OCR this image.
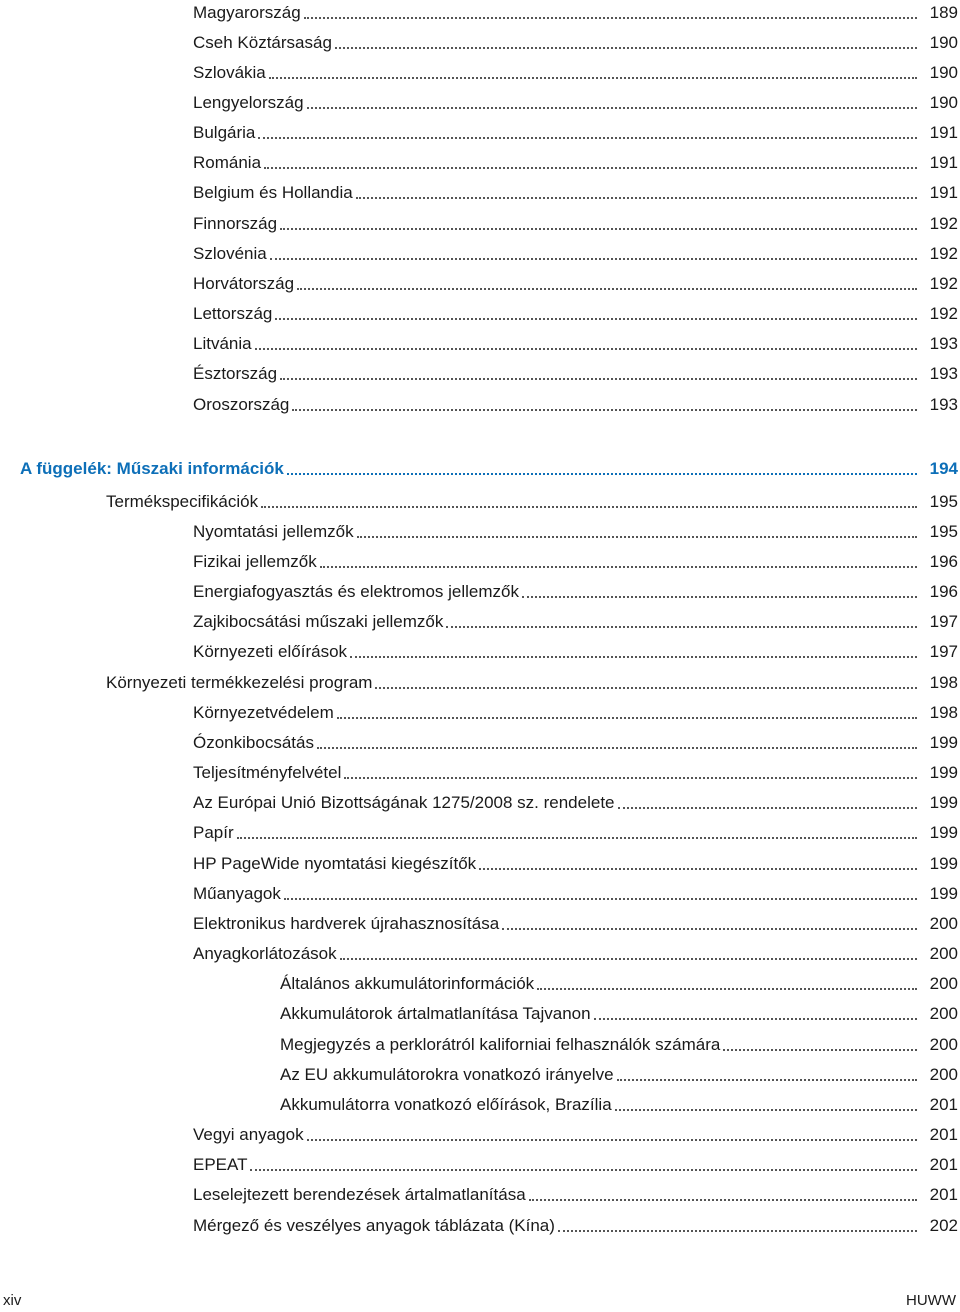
Magyarország	189
Cseh Köztársaság	190
Szlovákia	190
Lengyelország	190
Bulgária	191
Románia	191
Belgium és Hollandia	191
Finnország	192
Szlovénia	192
Horvátország	192
Lettország	192
Litvánia	193
Észtország	193
Oroszország	193
A függelék: Műszaki információk	194
Termékspecifikációk	195
Nyomtatási jellemzők	195
Fizikai jellemzők	196
Energiafogyasztás és elektromos jellemzők	196
Zajkibocsátási műszaki jellemzők	197
Környezeti előírások	197
Környezeti termékkezelési program	198
Környezetvédelem	198
Ózonkibocsátás	199
Teljesítményfelvétel	199
Az Európai Unió Bizottságának 1275/2008 sz. rendelete	199
Papír	199
HP PageWide nyomtatási kiegészítők	199
Műanyagok	199
Elektronikus hardverek újrahasznosítása	200
Anyagkorlátozások	200
Általános akkumulátorinformációk	200
Akkumulátorok ártalmatlanítása Tajvanon	200
Megjegyzés a perklorátról kaliforniai felhasználók számára	200
Az EU akkumulátorokra vonatkozó irányelve	200
Akkumulátorra vonatkozó előírások, Brazília	201
Vegyi anyagok	201
EPEAT	201
Leselejtezett berendezések ártalmatlanítása	201
Mérgező és veszélyes anyagok táblázata (Kína)	202
xiv	HUWW
